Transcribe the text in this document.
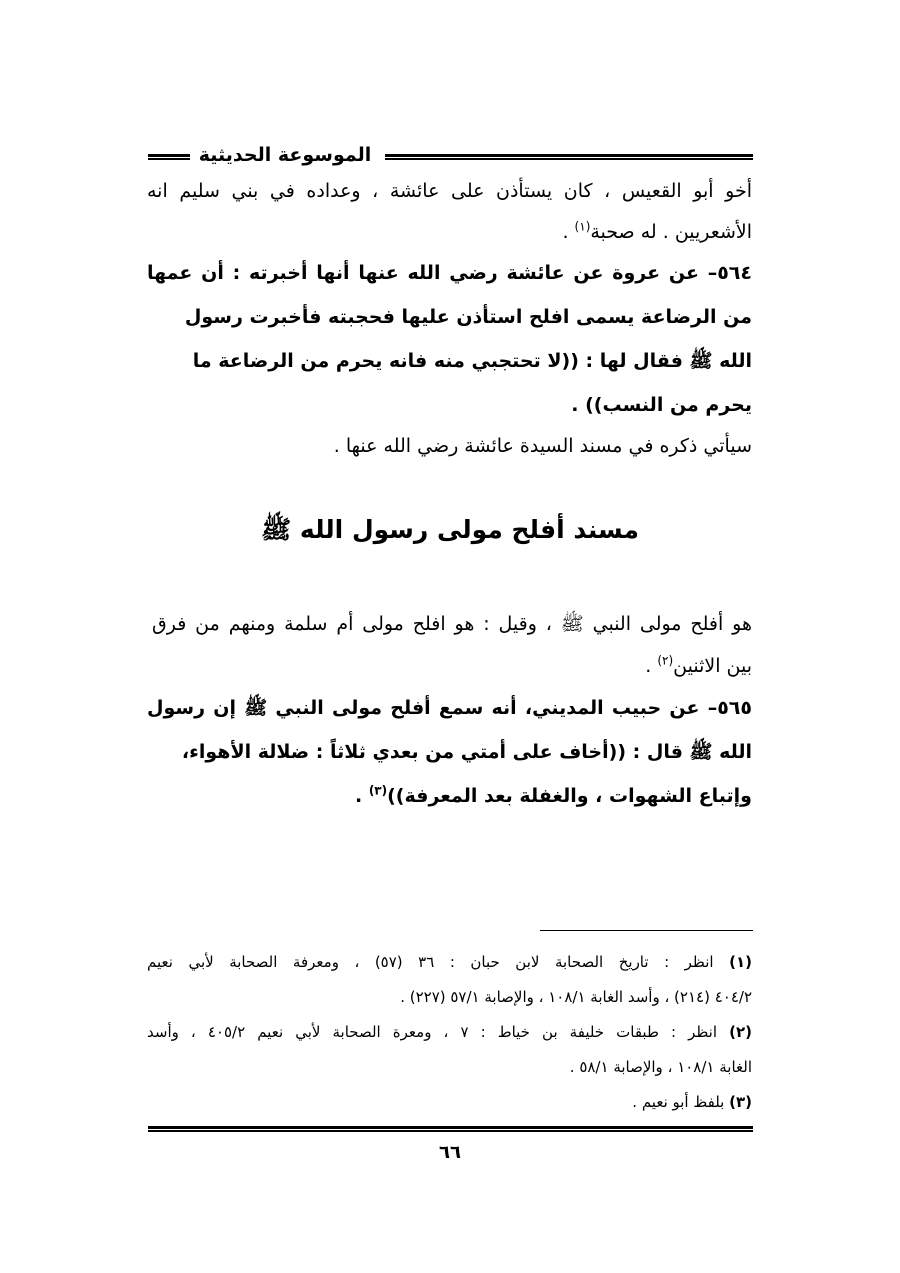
الموسوعة الحديثية
أخو أبو القعيس ، كان يستأذن على عائشة ، وعداده في بني سليم انه
الأشعريين . له صحبة$^{(١)}$ .
٥٦٤– عن عروة عن عائشة رضي الله عنها أنها أخبرته : أن عمها
من الرضاعة يسمى افلح استأذن عليها فحجبته فأخبرت رسول
الله ﷺ فقال لها : ((لا تحتجبي منه فانه يحرم من الرضاعة ما
يحرم من النسب)) .
سيأتي ذكره في مسند السيدة عائشة رضي الله عنها .
مسند أفلح مولى رسول الله ﷺ
هو أفلح مولى النبي ﷺ ، وقيل : هو افلح مولى أم سلمة ومنهم من فرق
بين الاثنين$^{(٢)}$ .
٥٦٥– عن حبيب المديني، أنه سمع أفلح مولى النبي ﷺ إن رسول
الله ﷺ قال : ((أخاف على أمتي من بعدي ثلاثاً : ضلالة الأهواء،
وإتباع الشهوات ، والغفلة بعد المعرفة))$^{(٣)}$ .
(١) انظر : تاريخ الصحابة لابن حبان : ٣٦ (٥٧) ، ومعرفة الصحابة لأبي نعيم
٤٠٤/٢ (٢١٤) ، وأسد الغابة ١٠٨/١ ، والإصابة ٥٧/١ (٢٢٧) .
(٢) انظر : طبقات خليفة بن خياط : ٧ ، ومعرة الصحابة لأبي نعيم ٤٠٥/٢ ، وأسد
الغابة ١٠٨/١ ، والإصابة ٥٨/١ .
(٣) بلفظ أبو نعيم .
٦٦
